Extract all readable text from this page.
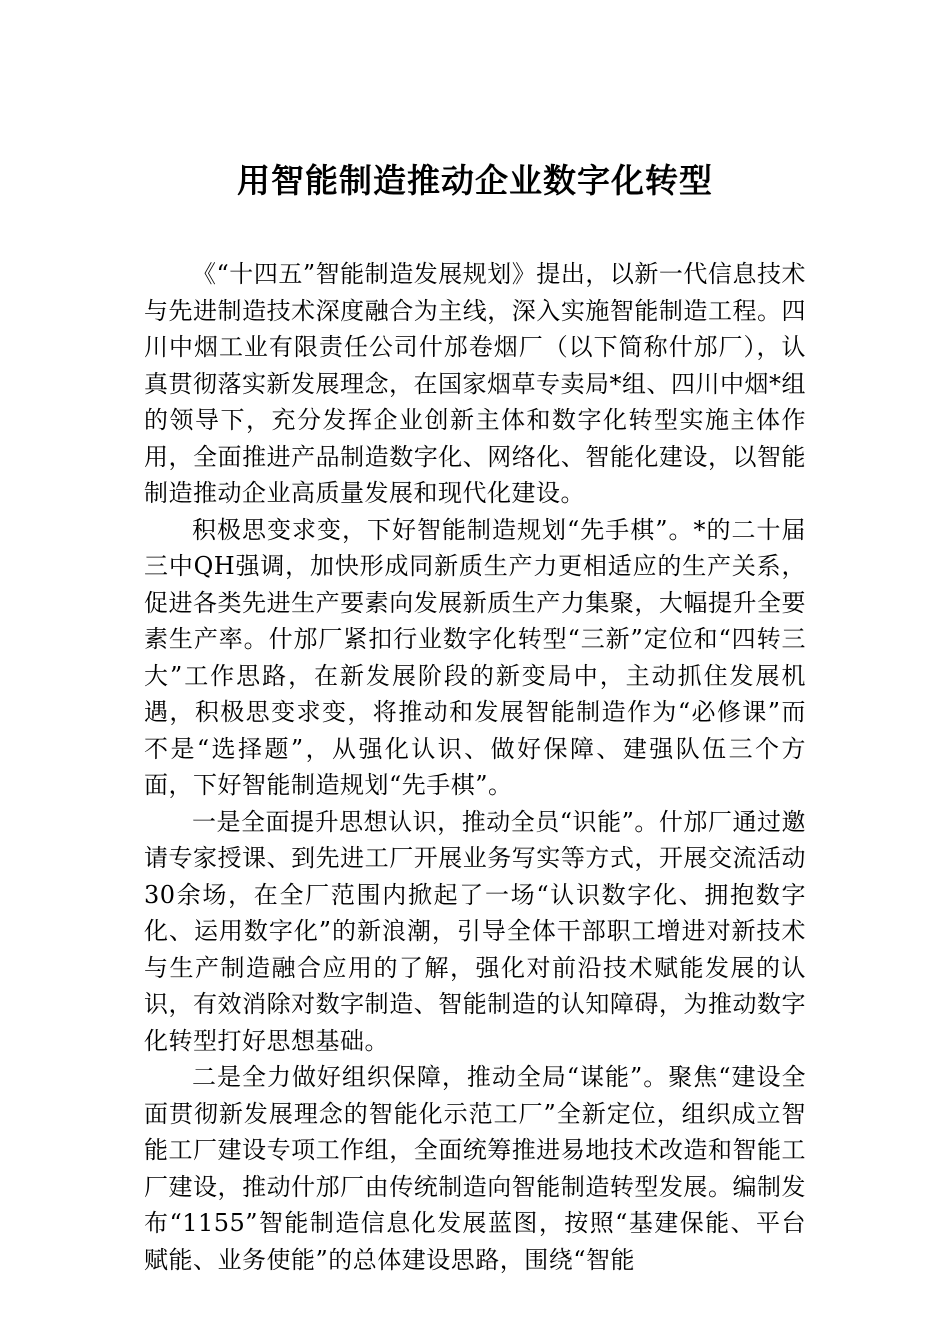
用智能制造推动企业数字化转型

《“十四五”智能制造发展规划》提出，以新一代信息技术与先进制造技术深度融合为主线，深入实施智能制造工程。四川中烟工业有限责任公司什邡卷烟厂（以下简称什邡厂），认真贯彻落实新发展理念，在国家烟草专卖局*组、四川中烟*组的领导下，充分发挥企业创新主体和数字化转型实施主体作用，全面推进产品制造数字化、网络化、智能化建设，以智能制造推动企业高质量发展和现代化建设。

积极思变求变，下好智能制造规划“先手棋”。*的二十届三中QH强调，加快形成同新质生产力更相适应的生产关系，促进各类先进生产要素向发展新质生产力集聚，大幅提升全要素生产率。什邡厂紧扣行业数字化转型“三新”定位和“四转三大”工作思路，在新发展阶段的新变局中，主动抓住发展机遇，积极思变求变，将推动和发展智能制造作为“必修课”而不是“选择题”，从强化认识、做好保障、建强队伍三个方面，下好智能制造规划“先手棋”。

一是全面提升思想认识，推动全员“识能”。什邡厂通过邀请专家授课、到先进工厂开展业务写实等方式，开展交流活动30余场，在全厂范围内掀起了一场“认识数字化、拥抱数字化、运用数字化”的新浪潮，引导全体干部职工增进对新技术与生产制造融合应用的了解，强化对前沿技术赋能发展的认识，有效消除对数字制造、智能制造的认知障碍，为推动数字化转型打好思想基础。

二是全力做好组织保障，推动全局“谋能”。聚焦“建设全面贯彻新发展理念的智能化示范工厂”全新定位，组织成立智能工厂建设专项工作组，全面统筹推进易地技术改造和智能工厂建设，推动什邡厂由传统制造向智能制造转型发展。编制发布“1155”智能制造信息化发展蓝图，按照“基建保能、平台赋能、业务使能”的总体建设思路，围绕“智能
